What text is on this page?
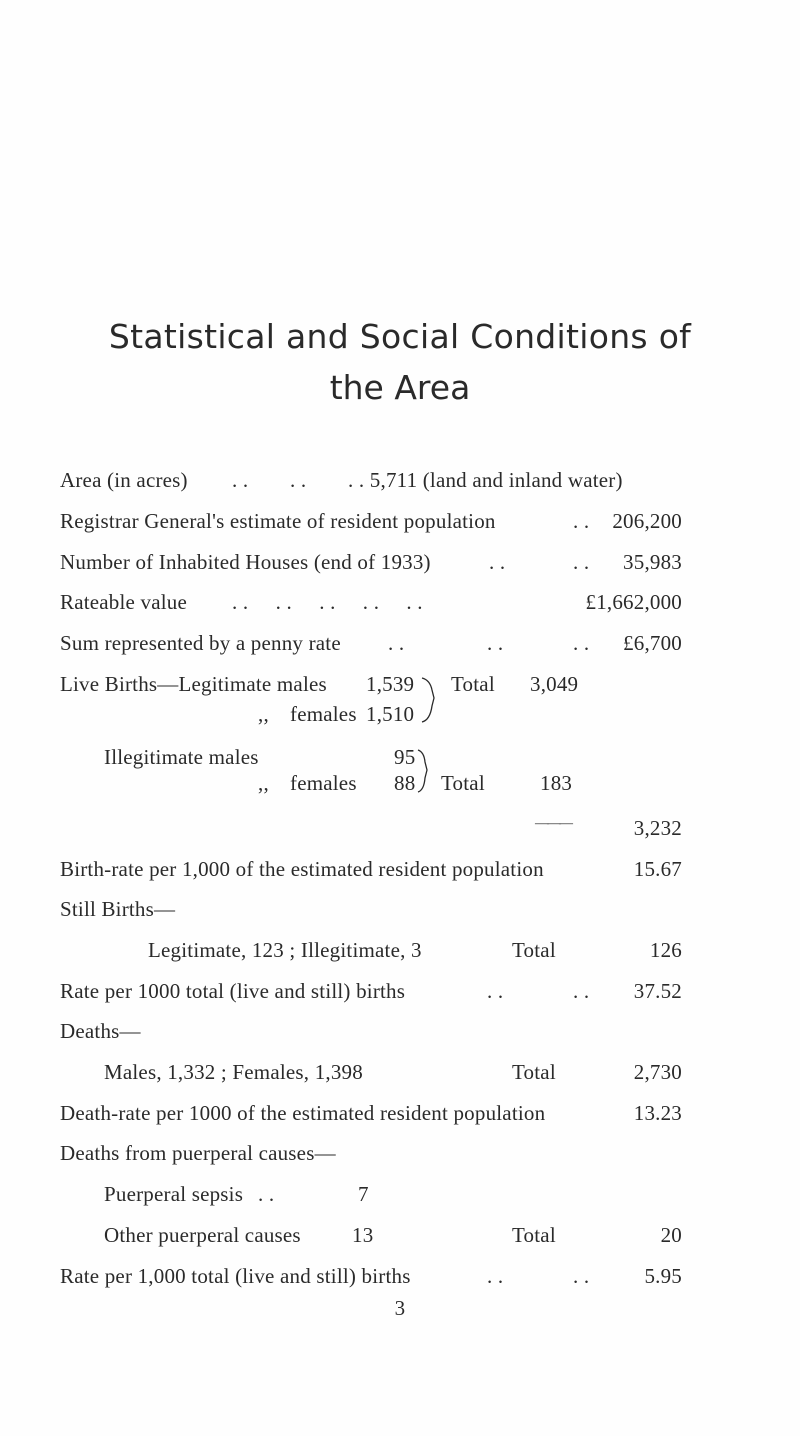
Statistical and Social Conditions of
the Area
Area (in acres) . . . . . . 5,711 (land and inland water)
Registrar General's estimate of resident population	. . 206,200
Number of Inhabited Houses (end of 1933)	. .	. . 35,983
Rateable value . .     . .     . .     . .     . .	£1,662,000
Sum represented by a penny rate . .	. .	. . £6,700
Live Births—Legitimate males 1,539 Total 3,049
,, females 1,510
Illegitimate males	95
,, females 88 Total	183
———	3,232
Birth-rate per 1,000 of the estimated resident population	15.67
Still Births—
Legitimate, 123 ; Illegitimate, 3	Total	126
Rate per 1000 total (live and still) births	. .	. . 37.52
Deaths—
Males, 1,332 ; Females, 1,398	Total	2,730
Death-rate per 1000 of the estimated resident population	13.23
Deaths from puerperal causes—
Puerperal sepsis . .	7
Other puerperal causes 13	Total	20
Rate per 1,000 total (live and still) births	. .	. .	5.95
3
